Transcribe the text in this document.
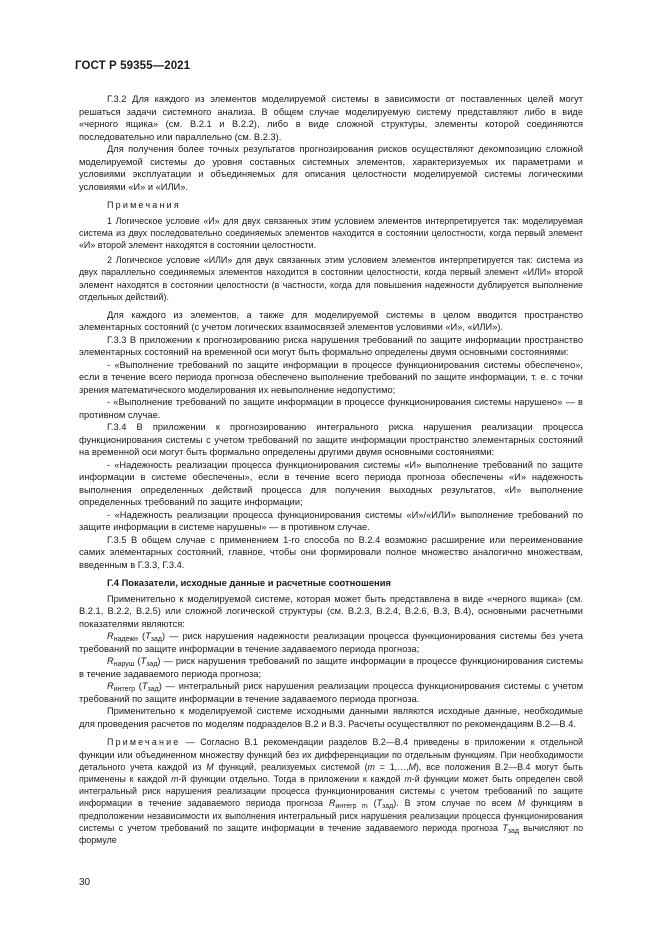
ГОСТ Р 59355—2021

Г.3.2 Для каждого из элементов моделируемой системы в зависимости от поставленных целей могут решаться задачи системного анализа. В общем случае моделируемую систему представляют либо в виде «черного ящика» (см. В.2.1 и В.2.2), либо в виде сложной структуры, элементы которой соединяются последовательно или параллельно (см. В.2.3).

Для получения более точных результатов прогнозирования рисков осуществляют декомпозицию сложной моделируемой системы до уровня составных системных элементов, характеризуемых их параметрами и условиями эксплуатации и объединяемых для описания целостности моделируемой системы логическими условиями «И» и «ИЛИ».

Примечания

1 Логическое условие «И» для двух связанных этим условием элементов интерпретируется так: моделируемая система из двух последовательно соединяемых элементов находится в состоянии целостности, когда первый элемент «И» второй элемент находятся в состоянии целостности.

2 Логическое условие «ИЛИ» для двух связанных этим условием элементов интерпретируется так: система из двух параллельно соединяемых элементов находится в состоянии целостности, когда первый элемент «ИЛИ» второй элемент находятся в состоянии целостности (в частности, когда для повышения надежности дублируется выполнение отдельных действий).

Для каждого из элементов, а также для моделируемой системы в целом вводится пространство элементарных состояний (с учетом логических взаимосвязей элементов условиями «И», «ИЛИ»).

Г.3.3 В приложении к прогнозированию риска нарушения требований по защите информации пространство элементарных состояний на временной оси могут быть формально определены двумя основными состояниями:

- «Выполнение требований по защите информации в процессе функционирования системы обеспечено», если в течение всего периода прогноза обеспечено выполнение требований по защите информации, т. е. с точки зрения математического моделирования их невыполнение недопустимо;

- «Выполнение требований по защите информации в процессе функционирования системы нарушено» — в противном случае.

Г.3.4 В приложении к прогнозированию интегрального риска нарушения реализации процесса функционирования системы с учетом требований по защите информации пространство элементарных состояний на временной оси могут быть формально определены другими двумя основными состояниями:

- «Надежность реализации процесса функционирования системы «И» выполнение требований по защите информации в системе обеспечены», если в течение всего периода прогноза обеспечены «И» надежность выполнения определенных действий процесса для получения выходных результатов, «И» выполнение определенных требований по защите информации;

- «Надежность реализации процесса функционирования системы «И»/«ИЛИ» выполнение требований по защите информации в системе нарушены» — в противном случае.

Г.3.5 В общем случае с применением 1-го способа по В.2.4 возможно расширение или переименование самих элементарных состояний, главное, чтобы они формировали полное множество аналогично множествам, введенным в Г.3.3, Г.3.4.

Г.4 Показатели, исходные данные и расчетные соотношения

Применительно к моделируемой системе, которая может быть представлена в виде «черного ящика» (см. В.2.1, В.2.2, В.2.5) или сложной логической структуры (см. В.2.3, В.2.4, В.2.6, В.3, В.4), основными расчетными показателями являются:

$R_{надежн}$ $(T_{зад})$ — риск нарушения надежности реализации процесса функционирования системы без учета требований по защите информации в течение задаваемого периода прогноза;

$R_{наруш}$ $(T_{зад})$ — риск нарушения требований по защите информации в процессе функционирования системы в течение задаваемого периода прогноза;

$R_{интегр}$ $(T_{зад})$ — интегральный риск нарушения реализации процесса функционирования системы с учетом требований по защите информации в течение задаваемого периода прогноза.

Применительно к моделируемой системе исходными данными являются исходные данные, необходимые для проведения расчетов по моделям подразделов В.2 и В.3. Расчеты осуществляют по рекомендациям В.2—В.4.

Примечание — Согласно В.1 рекомендации разделов В.2—В.4 приведены в приложении к отдельной функции или объединенном множеству функций без их дифференциации по отдельным функциям. При необходимости детального учета каждой из M функций, реализуемых системой (m = 1,…,M), все положения В.2—В.4 могут быть применены к каждой m-й функции отдельно. Тогда в приложении к каждой m-й функции может быть определен свой интегральный риск нарушения реализации процесса функционирования системы с учетом требований по защите информации в течение задаваемого периода прогноза $R_{интегр m}$ $(T_{зад})$. В этом случае по всем M функциям в предположении независимости их выполнения интегральный риск нарушения реализации процесса функционирования системы с учетом требований по защите информации в течение задаваемого периода прогноза $T_{зад}$ вычисляют по формуле

30
